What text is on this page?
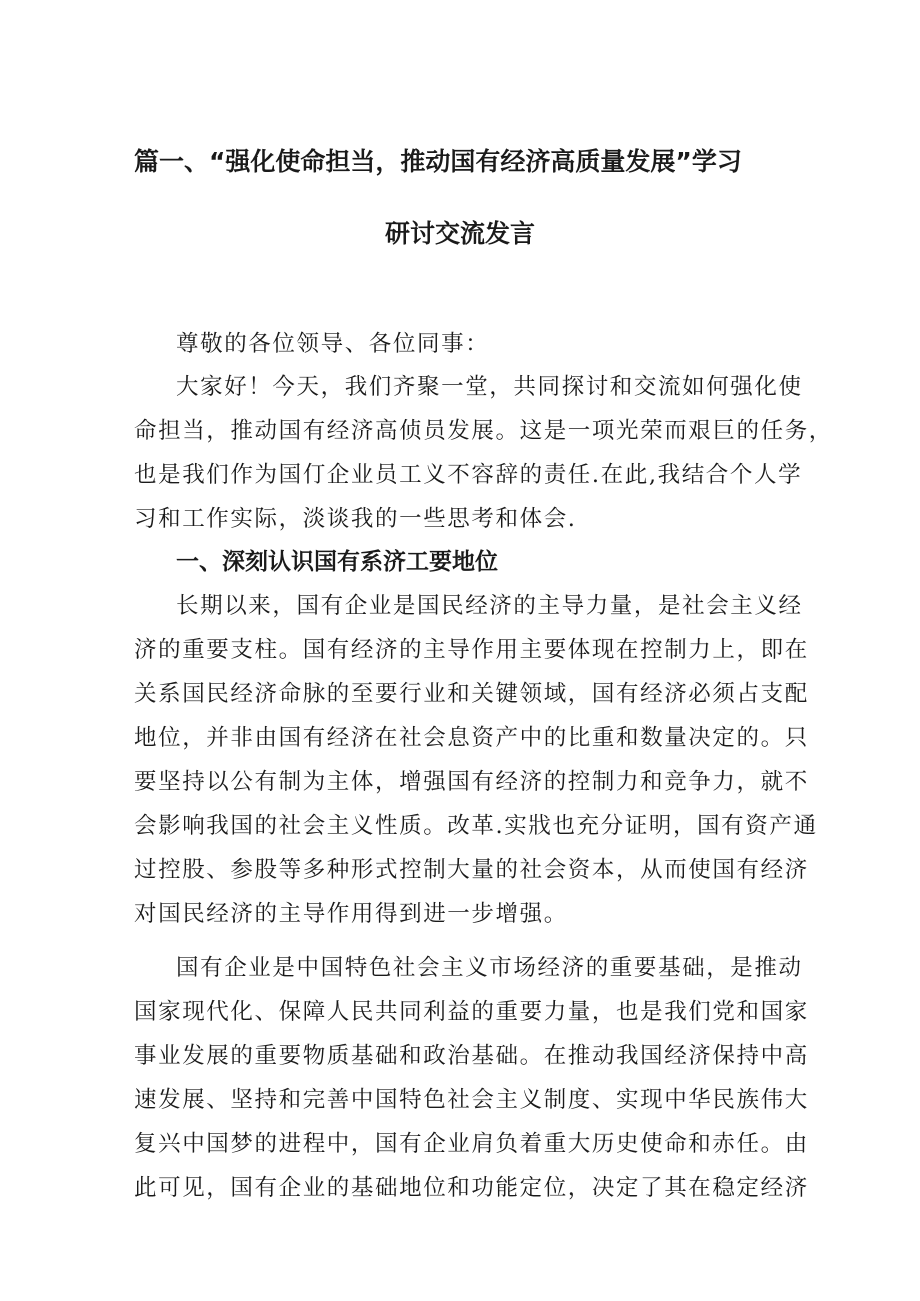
篇一、“强化使命担当，推动国有经济高质量发展”学习
研讨交流发言
尊敬的各位领导、各位同事：
大家好！今天，我们齐聚一堂，共同探讨和交流如何强化使
命担当，推动国有经济高侦员发展。这是一项光荣而艰巨的任务，
也是我们作为国仃企业员工义不容辞的责任.在此,我结合个人学
习和工作实际，淡谈我的一些思考和体会.
一、深刻认识国有系济工要地位
长期以来，国有企业是国民经济的主导力量，是社会主义经
济的重要支柱。国有经济的主导作用主要体现在控制力上，即在
关系国民经济命脉的至要行业和关键领域，国有经济必须占支配
地位，并非由国有经济在社会息资产中的比重和数量决定的。只
要坚持以公有制为主体，增强国有经济的控制力和竞争力，就不
会影响我国的社会主义性质。改革.实戕也充分证明，国有资产通
过控股、参股等多种形式控制大量的社会资本，从而使国有经济
对国民经济的主导作用得到进一步增强。
国有企业是中国特色社会主义市场经济的重要基础，是推动
国家现代化、保障人民共同利益的重要力量，也是我们党和国家
事业发展的重要物质基础和政治基础。在推动我国经济保持中高
速发展、坚持和完善中国特色社会主义制度、实现中华民族伟大
复兴中国梦的进程中，国有企业肩负着重大历史使命和赤任。由
此可见，国有企业的基础地位和功能定位，决定了其在稳定经济
